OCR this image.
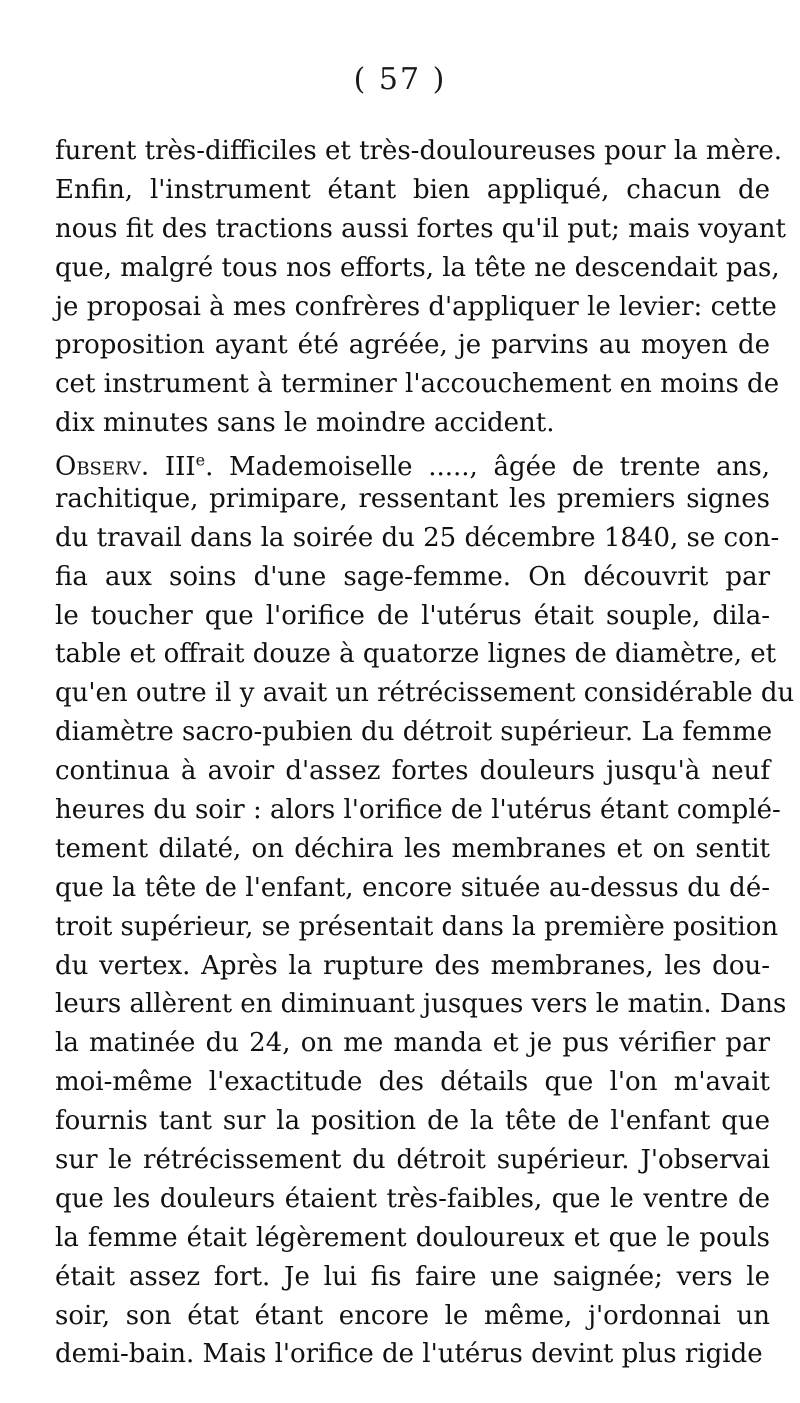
( 57 )
furent très-difficiles et très-douloureuses pour la mère.
Enfin, l'instrument étant bien appliqué, chacun de
nous fit des tractions aussi fortes qu'il put; mais voyant
que, malgré tous nos efforts, la tête ne descendait pas,
je proposai à mes confrères d'appliquer le levier: cette
proposition ayant été agréée, je parvins au moyen de
cet instrument à terminer l'accouchement en moins de
dix minutes sans le moindre accident.
Observ. IIIe. Mademoiselle ....., âgée de trente ans,
rachitique, primipare, ressentant les premiers signes
du travail dans la soirée du 25 décembre 1840, se con-
fia aux soins d'une sage-femme. On découvrit par
le toucher que l'orifice de l'utérus était souple, dila-
table et offrait douze à quatorze lignes de diamètre, et
qu'en outre il y avait un rétrécissement considérable du
diamètre sacro-pubien du détroit supérieur. La femme
continua à avoir d'assez fortes douleurs jusqu'à neuf
heures du soir : alors l'orifice de l'utérus étant complé-
tement dilaté, on déchira les membranes et on sentit
que la tête de l'enfant, encore située au-dessus du dé-
troit supérieur, se présentait dans la première position
du vertex. Après la rupture des membranes, les dou-
leurs allèrent en diminuant jusques vers le matin. Dans
la matinée du 24, on me manda et je pus vérifier par
moi-même l'exactitude des détails que l'on m'avait
fournis tant sur la position de la tête de l'enfant que
sur le rétrécissement du détroit supérieur. J'observai
que les douleurs étaient très-faibles, que le ventre de
la femme était légèrement douloureux et que le pouls
était assez fort. Je lui fis faire une saignée; vers le
soir, son état étant encore le même, j'ordonnai un
demi-bain. Mais l'orifice de l'utérus devint plus rigide
